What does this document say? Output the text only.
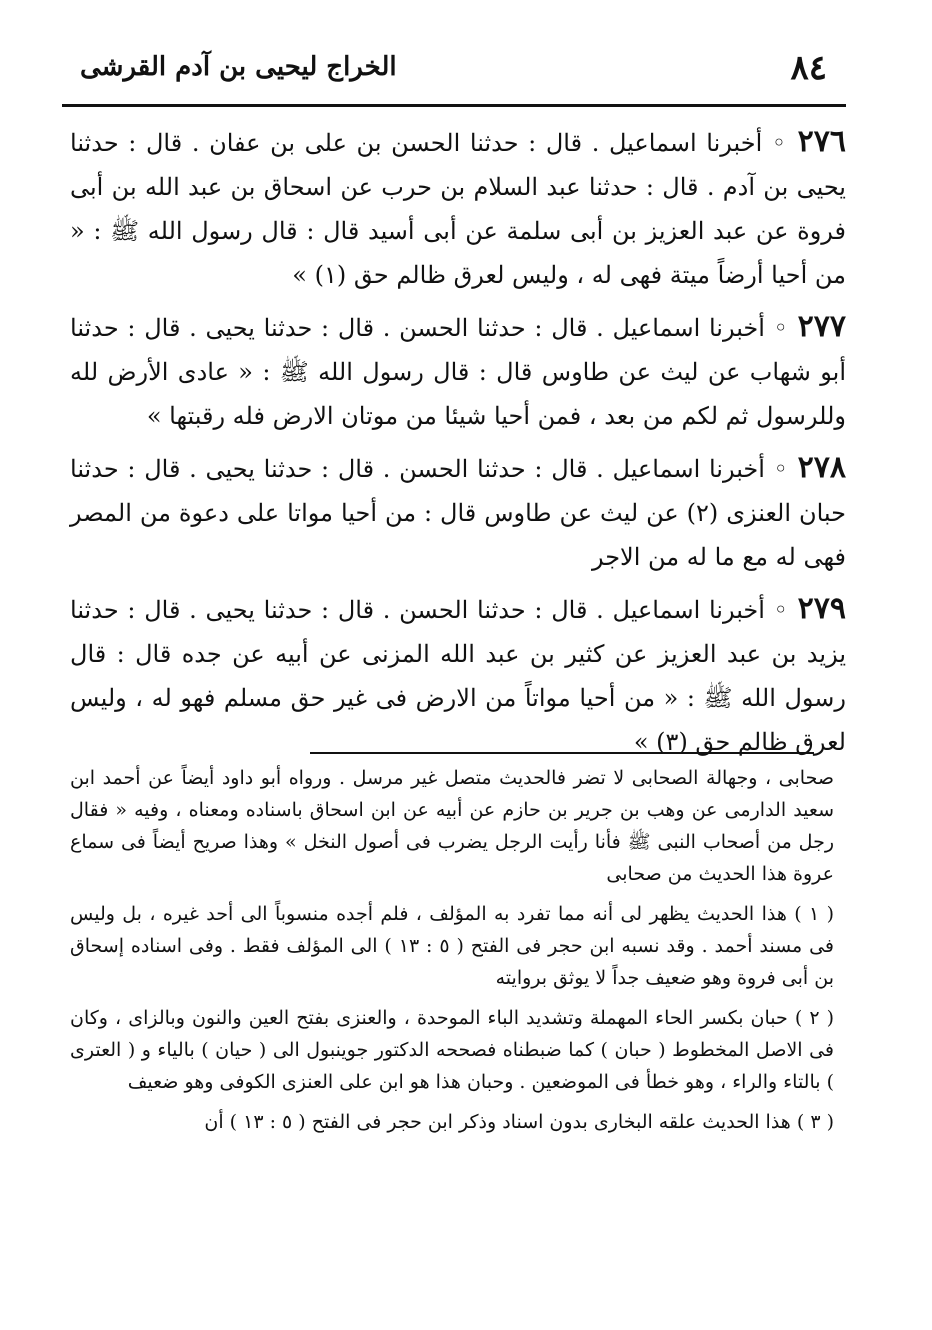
٨٤
الخراج ليحيى بن آدم القرشى

٢٧٦ ◦ أخبرنا اسماعيل . قال : حدثنا الحسن بن على بن عفان . قال : حدثنا يحيى بن آدم . قال : حدثنا عبد السلام بن حرب عن اسحاق بن عبد الله بن أبى فروة عن عبد العزيز بن أبى سلمة عن أبى أسيد قال : قال رسول الله ﷺ : « من أحيا أرضاً ميتة فهى له ، وليس لعرق ظالم حق (١) »

٢٧٧ ◦ أخبرنا اسماعيل . قال : حدثنا الحسن . قال : حدثنا يحيى . قال : حدثنا أبو شهاب عن ليث عن طاوس قال : قال رسول الله ﷺ : « عادى الأرض لله وللرسول ثم لكم من بعد ، فمن أحيا شيئا من موتان الارض فله رقبتها »

٢٧٨ ◦ أخبرنا اسماعيل . قال : حدثنا الحسن . قال : حدثنا يحيى . قال : حدثنا حبان العنزى (٢) عن ليث عن طاوس قال : من أحيا مواتا على دعوة من المصر فهى له مع ما له من الاجر

٢٧٩ ◦ أخبرنا اسماعيل . قال : حدثنا الحسن . قال : حدثنا يحيى . قال : حدثنا يزيد بن عبد العزيز عن كثير بن عبد الله المزنى عن أبيه عن جده قال : قال رسول الله ﷺ : « من أحيا مواتاً من الارض فى غير حق مسلم فهو له ، وليس لعرق ظالم حق (٣) »

صحابى ، وجهالة الصحابى لا تضر فالحديث متصل غير مرسل . ورواه أبو داود أيضاً عن أحمد ابن سعيد الدارمى عن وهب بن جرير بن حازم عن أبيه عن ابن اسحاق باسناده ومعناه ، وفيه « فقال رجل من أصحاب النبى ﷺ فأنا رأيت الرجل يضرب فى أصول النخل » وهذا صريح أيضاً فى سماع عروة هذا الحديث من صحابى

( ١ ) هذا الحديث يظهر لى أنه مما تفرد به المؤلف ، فلم أجده منسوباً الى أحد غيره ، بل وليس فى مسند أحمد . وقد نسبه ابن حجر فى الفتح ( ٥ : ١٣ ) الى المؤلف فقط . وفى اسناده إسحاق بن أبى فروة وهو ضعيف جداً لا يوثق بروايته

( ٢ ) حبان بكسر الحاء المهملة وتشديد الباء الموحدة ، والعنزى بفتح العين والنون وبالزاى ، وكان فى الاصل المخطوط ( حبان ) كما ضبطناه فصححه الدكتور جوينبول الى ( حيان ) بالياء و ( العترى ) بالتاء والراء ، وهو خطأ فى الموضعين . وحبان هذا هو ابن على العنزى الكوفى وهو ضعيف

( ٣ ) هذا الحديث علقه البخارى بدون اسناد وذكر ابن حجر فى الفتح ( ٥ : ١٣ ) أن
